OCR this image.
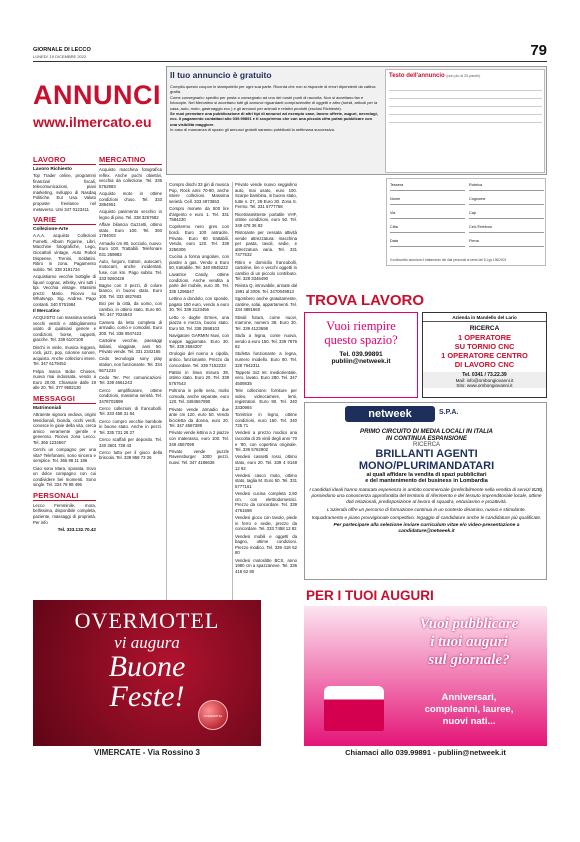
GIORNALE DI LECCO
LUNEDI' 19 DICEMBRE 2022	79
ANNUNCI
www.ilmercato.eu
Il tuo annuncio è gratuito

Compila questo coupon in stampatello per ogni sua parte. Ricorda che non si risponde di errori dipendenti da cattiva grafia.

Come consegnarlo: spedito per posta o consegnato ad uno dei nostri punti di raccolta. Non si accettano fax e fotocopie. Nel Mercatino si accettano tutti gli annunci riguardanti compravendite di oggetti e altro (turisti, articoli per la casa, auto, moto, gastroaggio ecc.) e gli annunci per animali e relativi prodotti (esclusi Richieste).

Se vuoi prenotare una pubblicazione di altri tipi di annunci ad esempio case, lavoro offerte, auguri, necrologi, ecc. il pagamento contattaci allo 039.99891 e ti scopriremo che con una piccola cifra potrai pubblicare con una visibilità maggiore.

In caso di mancanza di spazio gli annunci gratuiti saranno pubblicati la settimana successiva.

Testo dell'annuncio (non più di 25 parole)
Tessera	Rubrica
Nome	Cognome
Via	Cap
Citta	Cell./Telefono
Data	Firma
Il sottoscritto autorizza il trattamento dei dati personali ai sensi del D.Lgs 196/2003
LAVORO
Lavoro Richiesto

Top Trader online, programmi finanziari fiscali, telecomunicazioni, piani marketing, sviluppo di Nasdaq Politiche. Eur Usa. Valuto proposte freelance nel metaverso. Umi 347 0123411

VARIE
Collezione-Arte

A.A.A. acquisto Collezioni Fumetti, Album Figurine, Libri, Macchine fotografiche, Lego, Giocattoli vintage, Auto Robot Dispense, Trenini, Soldatini. Ritiro in zona. Pagamento subito. Tel. 338 3191734

Acquistiamo vecchie bottiglie di liquori cognac, whisky, vini tutti i tipi. Vecchia vintage. Massimi prezzi Mario. Ricevo su WhatsApp. Sig. Andrea. Pago contanti. 340 0761984

Il Mercatino

ACQUISTO con massima serietà vecchi vestiti e abbigliamento usato di qualsiasi genere e condizioni, borse, cappotti, giacche. Tel. 339 6107108

Dischi in vinile, musica leggera, rock, jazz, pop, colonne sonore, acquisto. Anche collezioni intere. Tel. 347 6179452

Felpa marca Bobo Choses, nuova mai indossata, vendo a Euro 20,00. Chiamare dalle 19 alle 20. Tel. 377 9582130

MESSAGGI
Matrimoniali

Attraente signora vedova, origini Meridionali, bionda, occhi verdi, conosce le gioie della vita, cerca amico veramente gentile e generoso. Ricevo zona Lecco. Tel. 366 1234567

Cerchi un compagno per una vita? Telefonami, sono sincera e semplice. Tel. 366 88 11 186

Ciao sono Mara, sposata, trovo un dolce compagno con cui condividere bei momenti. Sono single. Tel. 334 78 98 496

PERSONALI

Lecco Femminile, mora, bellissima, disponibile completa, paziente, massaggi di proprietà. Per info

Tel. 333.132.70.42
MERCATINO

Acquisto macchina fotografica reflex. Anche pochi obiettivi, vecchia da collezione. Tel. 335 5762983

Acquisto moto in ottime condizioni d'uso. Tel. 333 2854951

Acquisto pavimento vecchio in legno di pino. Tel. 338 3257682

Affare bilancia Guzzetti, ottimo stato. Euro 100. Tel. 393 1784003

Armadio cm 80, nocciolo, nuovo. Euro 100. Trattabili. Telefonare 031 269883

Auto, furgoni, trattori, autocarri, motocarri, anche incidentati, fuse, con km. Pago subito. Tel. 333 9260428

Bagno con 3 pezzi, di colore bianco, in buono stato. Euro 100. Tel. 333 4827683

Bici per la città, da uomo, con cambio, in ottimo stato. Euro 80. Tel. 347 7024843

Camera da letto completa di armadio, comò e comodini. Euro 300. Tel. 338 0947423

Cartoline vecchie, paesaggi italiani, viaggiate, anni 50. Privato vende. Tel. 331 2342165

Cedo tecnologia sony play station, non funzionante. Tel. 334 5671234

Cedo Ter. Per comunicazioni. Tel. 339 4561243

Cerco amplificatore, ottime condizioni, massima serietà. Tel. 3478702899

Cerco collezioni di francobolli. Tel. 333 458 31 84

Cerco compro vecchie bambole in buono stato. Anche in pezzi. Tel. 335 731 28 27

Cerco scaffali per deposito. Tel. 340 3601 728 43

Cerco tutto per il gioco della briscola. Tel. 339 958 73 26

Compro dischi 33 giri di musica Pop, Rock anni 70-80, anche intere collezioni. Massima serietà. Cell. 333 4873653

Compro monete da 500 lire d'argento e euro 1. Tel. 331 7584230

Copritermo nero gres con bordi. Euro 100 antracite. Privato. Euro 80 trattabili. Vendo, euro 120. Tel. 339 2256306

Cucina a forma angolare, con piastre a gas. Vendo a Euro 50, trattabile. Tel. 340 8945222

Lavatrice Candy, ottime condizioni. Anche vendita a parte del mobile, euro 30. Tel. 335 1296547

Lettino a dondolo, con sponde, pagato 150 euro, vendo a euro 30. Tel. 339 2123456

Letto e doghe Ermes, una piazza e mezza, buono stato. Euro 50. Tel. 338 2598103

Navigatore GARMIN Nuvi, con mappe aggiornate. Euro 30. Tel. 339 2584307

Orologio del nonno a cipolla, antico, funzionante. Prezzo da concordare. Tel. 339 7152233

Pattini in linea misura 39, ottimo stato. Euro 20. Tel. 339 5767643

Poltrona in pelle nera, molto comoda, anche separate, euro 120. Tel. 3484567890

Privato vende armadio due ante cm 120, euro 50. Vendo bicicletta da donna, euro 20. Tel. 347 4567389

Privato vende lettino a 2 piazze con materasso, euro 100. Tel. 349 4567099

Privato vende puzzle Ravensburger 1000 pezzi, nuovi. Tel. 347 4186636

Privato vende nuovo seggiolino auto, mai usato, euro 100. Scarpe bambina, in buono stato, tutte n. 27, 28 Euro 30. Zona S. Fermo. Tel. 331 5777758

Ricetrasmittente portatile VHF, ottime condizioni, euro 50. Tel. 349 478 36 83

Ristorante per cessata attività vende attrezzatura: macchina per pasta, tavoli, sedie, e attrezzatura varia. Tel. 331 7477532

Ritiro e domicilio francobolli, cartoline, lire e vecchi oggetti in cambio di un piccolo contributo. Tel. 328 3345490

Rivista Q, introvabile, annate dal 1991 al 2005. Tel. 3470049813

Sgombero anche gratuitamente, cantine, solai, appartamenti. Tel. 334 3881660

Stivali futura, come nuovi, marrone, numero 38. Euro 30. Tel. 339 4123698

Stufa a legna, come nuova, vendo a euro 150. Tel. 339 7876 62

Stufetta funzionante a legna, numero modello. Euro 80. Tel. 328 7542311

Tappeto 3x2 mt. mediorientale, vero, lavato. Euro 280. Tel. 347 4509835

Tele collezione: forniture per video, videocamere, lenti, registratori. Euro 90. Tel. 340 3330984

Tornitrice in legno, ottime condizioni, euro 150. Tel. 340 725 71

Vendesi a prezzo modico una raccolta di 25 vinili degli anni '70 e '80, con copertina originale. Tel. 339 5762902

Vendesi cassetti rossi, ottimo stato, euro 20. Tel. 339 4 9148 12 82

Vendesi casco moto, ottimo stato, taglia M. Euro 50. Tel. 331 5777161

Vendesi cucina completa 2,60 cm, con elettrodomestici. Prezzo da concordare. Tel. 339 4761598

Vendesi gioco con tavolo, piede in ferro e sedie, prezzo da concordare. Tel. 333 7458 12 82

Vendesi mobili e oggetti da bagno, ottime condizioni. Prezzo modico. Tel. 339 418 62 80

Vendesi motoslitte BCS, anno 1980 cm a spazzaneve. Tel. 336 418 62 80

TROVA LAVORO
Vuoi riempire questo spazio?
Tel. 039.99891
publiìn@netweek.it
Azienda in Mandello del Lario
RICERCA
1 OPERATORE
SU TORNIO CNC
1 OPERATORE CENTRO
DI LAVORO CNC
Tel. 0341 / 73.22.39
Mail: info@ombongiovanni.it
Sito: www.ombongiovanni.it
netweek	S.P.A.
PRIMO CIRCUITO DI MEDIA LOCALI IN ITALIA
IN CONTINUA ESPANSIONE
RICERCA
BRILLANTI AGENTI
MONO/PLURIMANDATARI
ai quali affidare la vendita di spazi pubblicitari
e del mantenimento dei business in Lombardia
I candidati ideali hanno maturato esperienza in ambito commerciale (preferibilmente nella vendita di servizi B2B), possiedono una conoscenza approfondita del territorio di riferimento e del tessuto imprenditoriale locale, ottime doti relazionali, predisposizione al lavoro di squadra, entusiasmo e proattività.
L'azienda offre un percorso di formazione continua in un contesto dinamico, nuovo e stimolante.
Inquadramento e piano provvigionale competitivo. Ingaggio di candidature anche le candidature più qualificate.
Per partecipare alla selezione inviare curriculum vitae e/o video-presentazione a candidature@netweek.it
OVERMOTEL
vi augura
Buone
Feste!
OVERMOTEL
VIMERCATE - Via Rossino 3
PER I TUOI AUGURI
Vuoi pubblicare
i tuoi auguri
sul giornale?
Anniversari,
compleanni, lauree,
nuovi nati...
Chiamaci allo 039.99891 - publiin@netweek.it
